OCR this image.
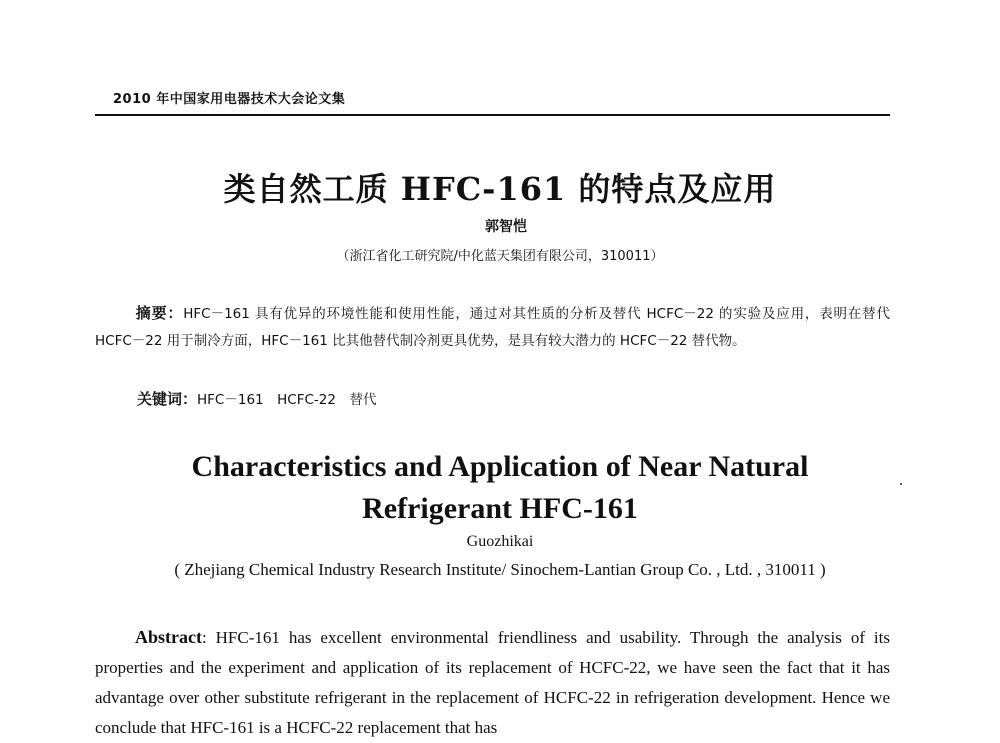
2010 年中国家用电器技术大会论文集
类自然工质 HFC-161 的特点及应用
郭智恺
（浙江省化工研究院/中化蓝天集团有限公司，310011）
摘要：HFC－161 具有优异的环境性能和使用性能，通过对其性质的分析及替代 HCFC－22 的实验及应用，表明在替代 HCFC－22 用于制冷方面，HFC－161 比其他替代制冷剂更具优势，是具有较大潜力的 HCFC－22 替代物。
关键词：HFC－161　HCFC-22　替代
Characteristics and Application of Near Natural
Refrigerant HFC-161
Guozhikai
( Zhejiang Chemical Industry Research Institute/ Sinochem-Lantian Group Co. , Ltd. , 310011 )
Abstract: HFC-161 has excellent environmental friendliness and usability. Through the analysis of its properties and the experiment and application of its replacement of HCFC-22, we have seen the fact that it has advantage over other substitute refrigerant in the replacement of HCFC-22 in refrigeration development. Hence we conclude that HFC-161 is a HCFC-22 replacement that has
